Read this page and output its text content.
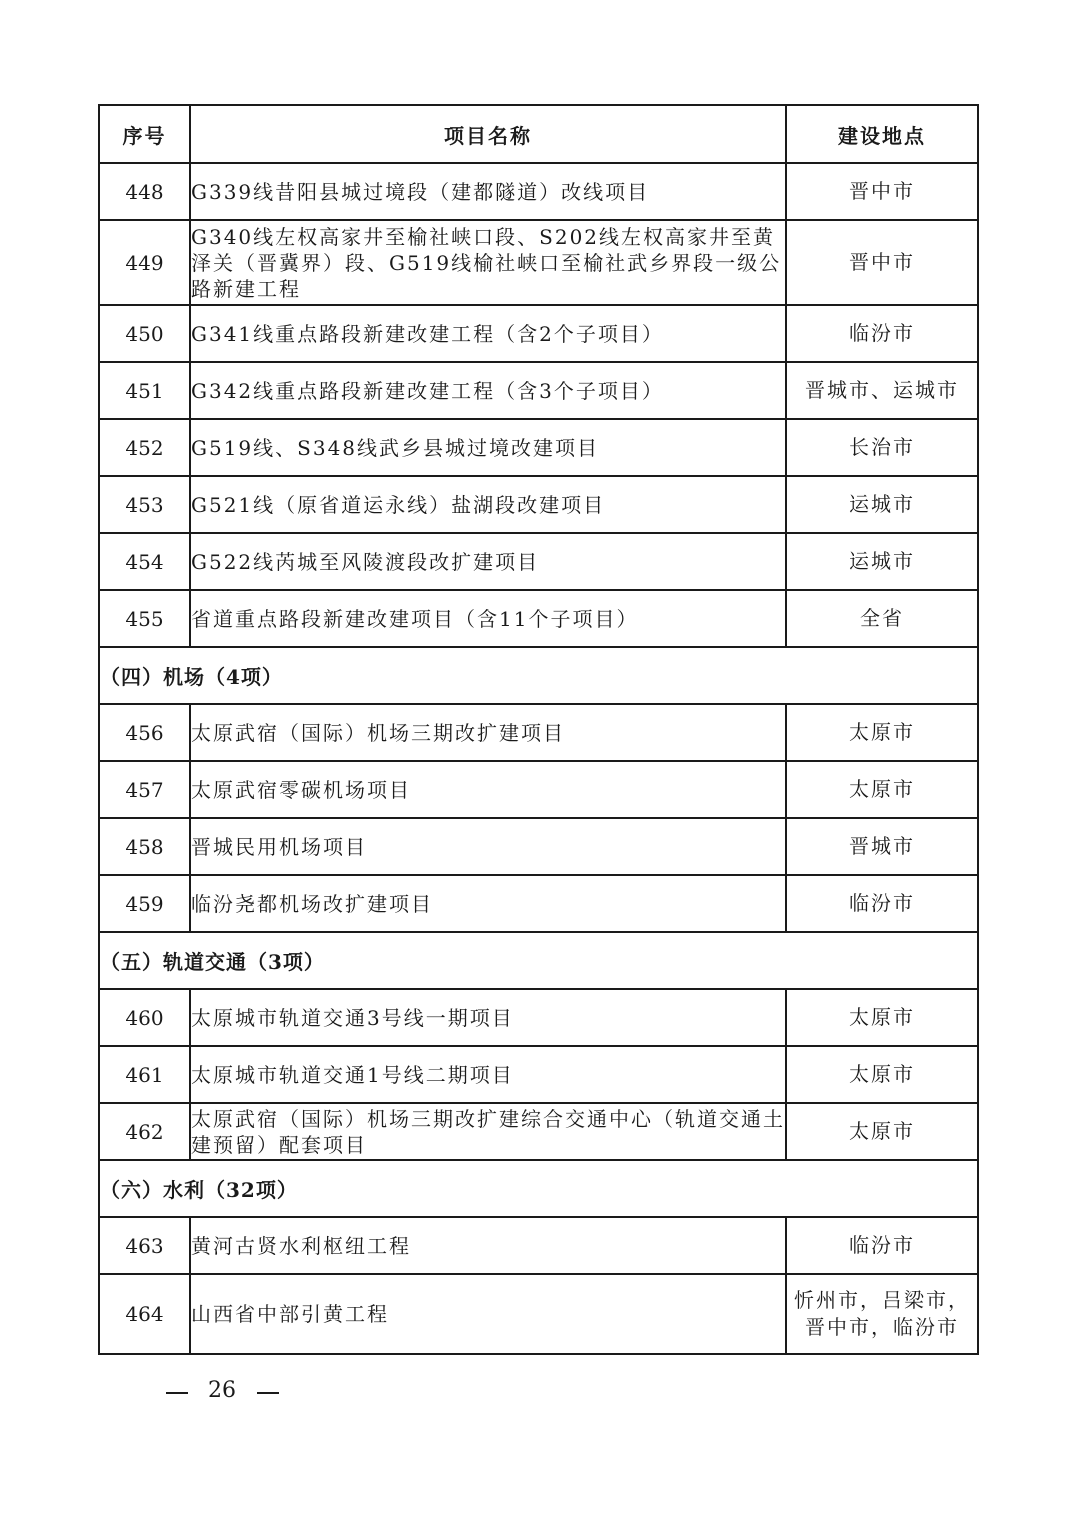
序号	项目名称	建设地点
448	G339线昔阳县城过境段（建都隧道）改线项目	晋中市
449	G340线左权高家井至榆社峡口段、S202线左权高家井至黄泽关（晋冀界）段、G519线榆社峡口至榆社武乡界段一级公路新建工程	晋中市
450	G341线重点路段新建改建工程（含2个子项目）	临汾市
451	G342线重点路段新建改建工程（含3个子项目）	晋城市、运城市
452	G519线、S348线武乡县城过境改建项目	长治市
453	G521线（原省道运永线）盐湖段改建项目	运城市
454	G522线芮城至风陵渡段改扩建项目	运城市
455	省道重点路段新建改建项目（含11个子项目）	全省
（四）机场（4项）		
456	太原武宿（国际）机场三期改扩建项目	太原市
457	太原武宿零碳机场项目	太原市
458	晋城民用机场项目	晋城市
459	临汾尧都机场改扩建项目	临汾市
（五）轨道交通（3项）		
460	太原城市轨道交通3号线一期项目	太原市
461	太原城市轨道交通1号线二期项目	太原市
462	太原武宿（国际）机场三期改扩建综合交通中心（轨道交通土建预留）配套项目	太原市
（六）水利（32项）		
463	黄河古贤水利枢纽工程	临汾市
464	山西省中部引黄工程	忻州市，吕梁市，晋中市，临汾市
26
